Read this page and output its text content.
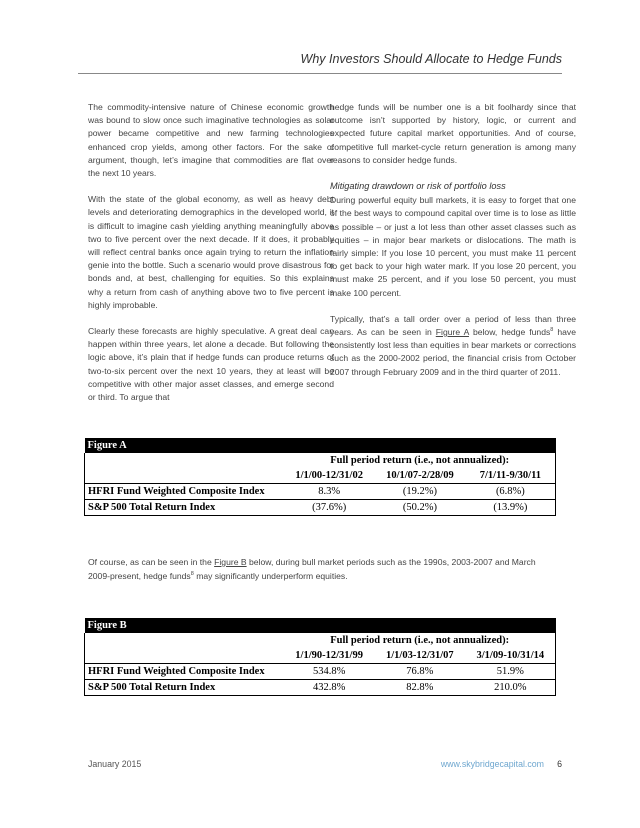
Why Investors Should Allocate to Hedge Funds

The commodity-intensive nature of Chinese economic growth was bound to slow once such imaginative technologies as solar power became competitive and new farming technologies enhanced crop yields, among other factors. For the sake of argument, though, let’s imagine that commodities are flat over the next 10 years.

With the state of the global economy, as well as heavy debt levels and deteriorating demographics in the developed world, it is difficult to imagine cash yielding anything meaningfully above two to five percent over the next decade. If it does, it probably will reflect central banks once again trying to return the inflation genie into the bottle. Such a scenario would prove disastrous for bonds and, at best, challenging for equities. So this explains why a return from cash of anything above two to five percent is highly improbable.

Clearly these forecasts are highly speculative. A great deal can happen within three years, let alone a decade. But following the logic above, it’s plain that if hedge funds can produce returns of two-to-six percent over the next 10 years, they at least will be competitive with other major asset classes, and emerge second or third. To argue that

hedge funds will be number one is a bit foolhardy since that outcome isn’t supported by history, logic, or current and expected future capital market opportunities. And of course, competitive full market-cycle return generation is among many reasons to consider hedge funds.

Mitigating drawdown or risk of portfolio loss

During powerful equity bull markets, it is easy to forget that one of the best ways to compound capital over time is to lose as little as possible – or just a lot less than other asset classes such as equities – in major bear markets or dislocations. The math is fairly simple: If you lose 10 percent, you must make 11 percent to get back to your high water mark. If you lose 20 percent, you must make 25 percent, and if you lose 50 percent, you must make 100 percent.

Typically, that’s a tall order over a period of less than three years. As can be seen in Figure A below, hedge funds$^8$ have consistently lost less than equities in bear markets or corrections such as the 2000-2002 period, the financial crisis from October 2007 through February 2009 and in the third quarter of 2011.

Figure A			
	Full period return (i.e., not annualized):		
	1/1/00-12/31/02	10/1/07-2/28/09	7/1/11-9/30/11
HFRI Fund Weighted Composite Index	8.3%	(19.2%)	(6.8%)
S&P 500 Total Return Index	(37.6%)	(50.2%)	(13.9%)
Of course, as can be seen in the Figure B below, during bull market periods such as the 1990s, 2003-2007 and March 2009-present, hedge funds$^8$ may significantly underperform equities.
Figure B			
	Full period return (i.e., not annualized):		
	1/1/90-12/31/99	1/1/03-12/31/07	3/1/09-10/31/14
HFRI Fund Weighted Composite Index	534.8%	76.8%	51.9%
S&P 500 Total Return Index	432.8%	82.8%	210.0%
January 2015	www.skybridgecapital.com 6
